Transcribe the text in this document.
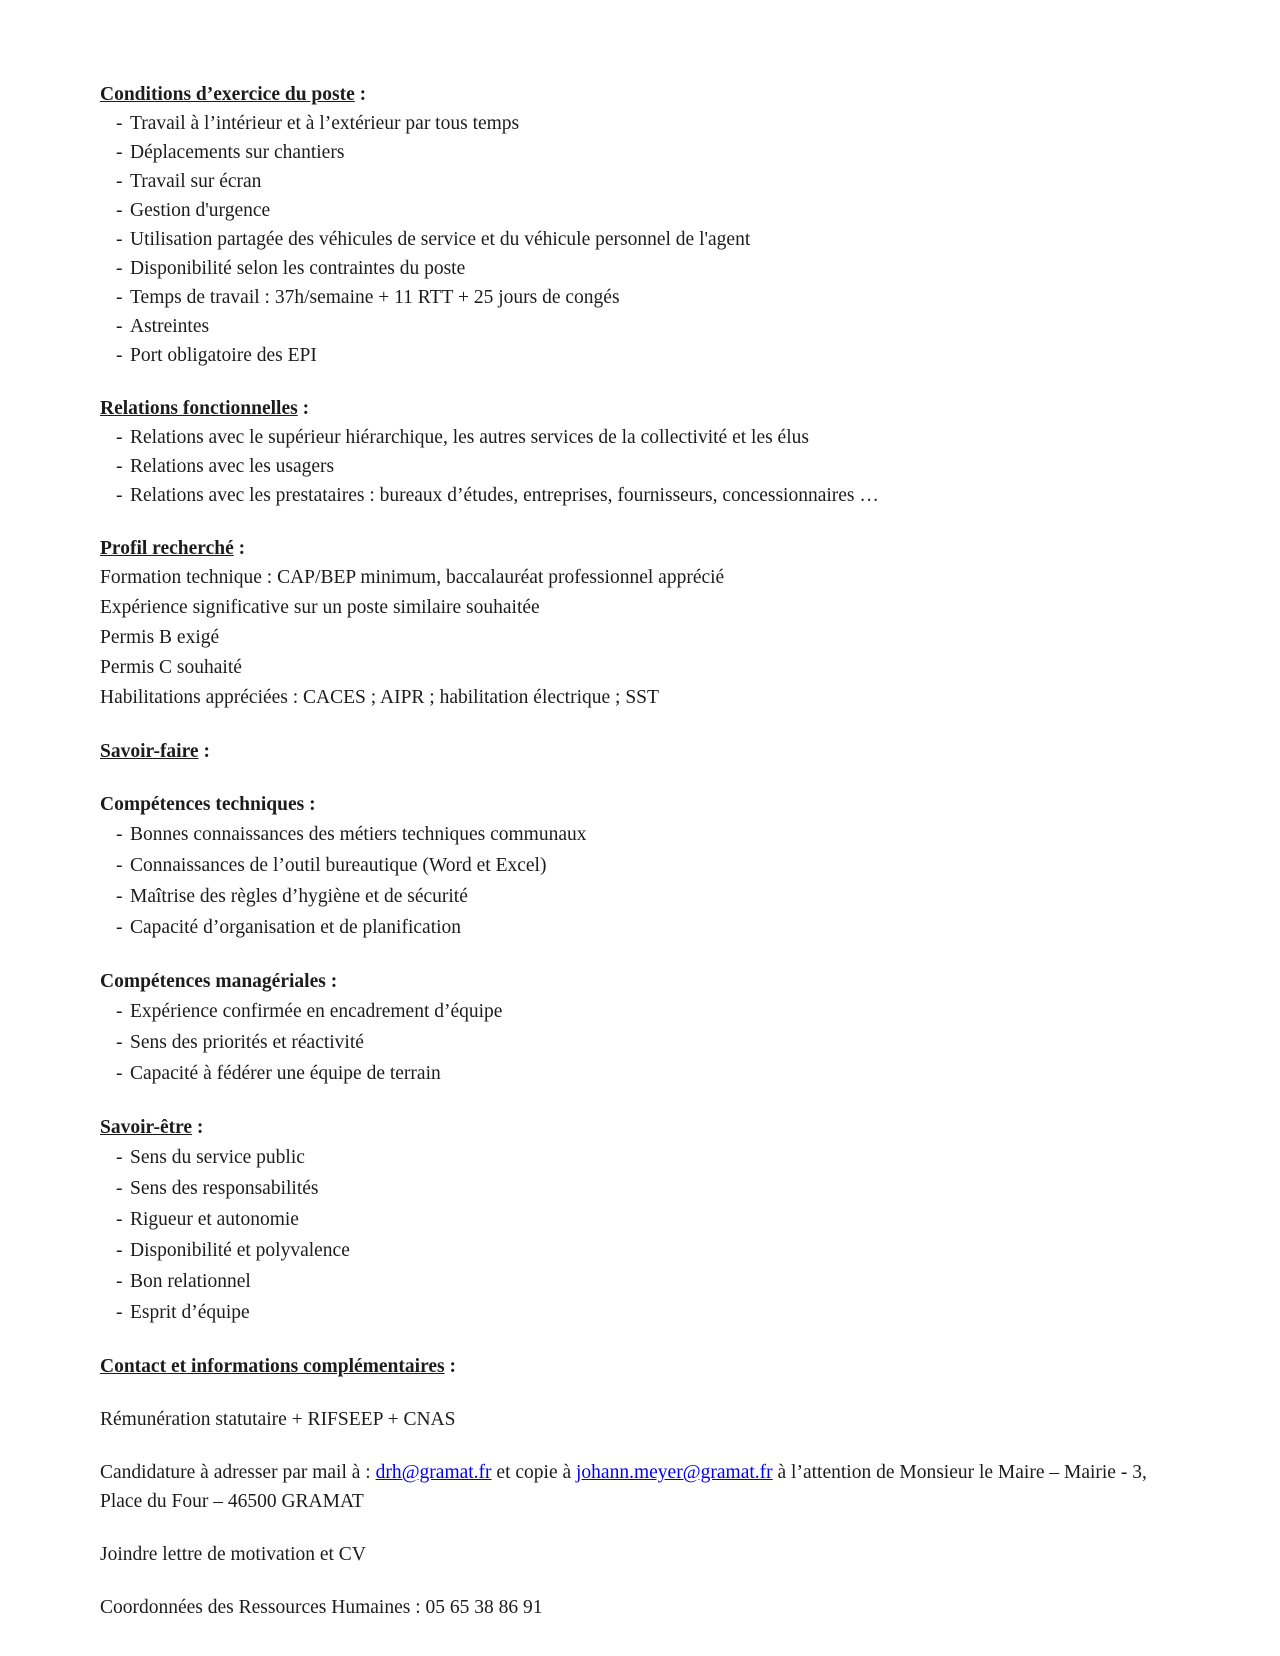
Conditions d’exercice du poste :
- Travail à l’intérieur et à l’extérieur par tous temps
- Déplacements sur chantiers
- Travail sur écran
- Gestion d'urgence
- Utilisation partagée des véhicules de service et du véhicule personnel de l'agent
- Disponibilité selon les contraintes du poste
- Temps de travail : 37h/semaine + 11 RTT + 25 jours de congés
- Astreintes
- Port obligatoire des EPI
Relations fonctionnelles :
- Relations avec le supérieur hiérarchique, les autres services de la collectivité et les élus
- Relations avec les usagers
- Relations avec les prestataires : bureaux d’études, entreprises, fournisseurs, concessionnaires …
Profil recherché :
Formation technique : CAP/BEP minimum, baccalauréat professionnel apprécié
Expérience significative sur un poste similaire souhaitée
Permis B exigé
Permis C souhaité
Habilitations appréciées : CACES ; AIPR ; habilitation électrique ; SST
Savoir-faire :
Compétences techniques :
- Bonnes connaissances des métiers techniques communaux
- Connaissances de l’outil bureautique (Word et Excel)
- Maîtrise des règles d’hygiène et de sécurité
- Capacité d’organisation et de planification
Compétences managériales :
- Expérience confirmée en encadrement d’équipe
- Sens des priorités et réactivité
- Capacité à fédérer une équipe de terrain
Savoir-être :
- Sens du service public
- Sens des responsabilités
- Rigueur et autonomie
- Disponibilité et polyvalence
- Bon relationnel
- Esprit d’équipe
Contact et informations complémentaires :
Rémunération statutaire + RIFSEEP + CNAS
Candidature à adresser par mail à : drh@gramat.fr et copie à johann.meyer@gramat.fr à l’attention de Monsieur le Maire – Mairie - 3, Place du Four – 46500 GRAMAT
Joindre lettre de motivation et CV
Coordonnées des Ressources Humaines : 05 65 38 86 91
